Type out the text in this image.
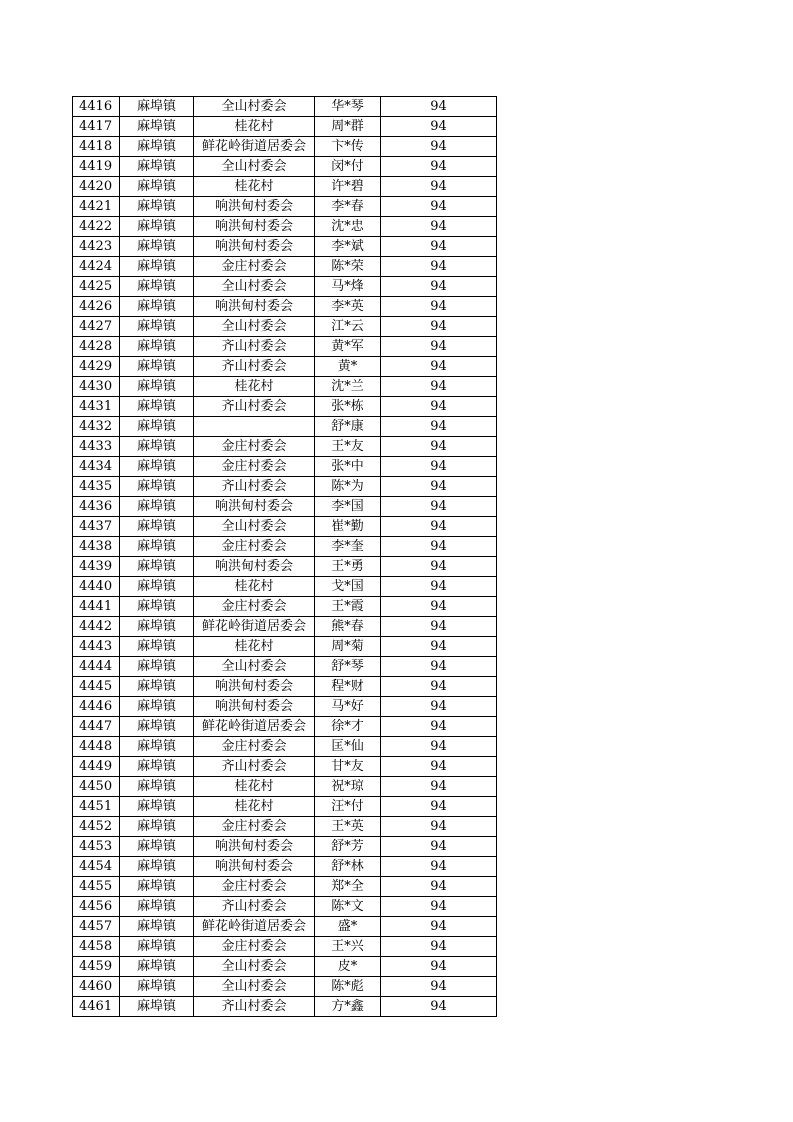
4416	麻埠镇	全山村委会	华*琴	94
4417	麻埠镇	桂花村	周*群	94
4418	麻埠镇	鲜花岭街道居委会	卞*传	94
4419	麻埠镇	全山村委会	闵*付	94
4420	麻埠镇	桂花村	许*碧	94
4421	麻埠镇	响洪甸村委会	李*春	94
4422	麻埠镇	响洪甸村委会	沈*忠	94
4423	麻埠镇	响洪甸村委会	李*斌	94
4424	麻埠镇	金庄村委会	陈*荣	94
4425	麻埠镇	全山村委会	马*烽	94
4426	麻埠镇	响洪甸村委会	李*英	94
4427	麻埠镇	全山村委会	江*云	94
4428	麻埠镇	齐山村委会	黄*军	94
4429	麻埠镇	齐山村委会	黄*	94
4430	麻埠镇	桂花村	沈*兰	94
4431	麻埠镇	齐山村委会	张*栋	94
4432	麻埠镇		舒*康	94
4433	麻埠镇	金庄村委会	王*友	94
4434	麻埠镇	金庄村委会	张*中	94
4435	麻埠镇	齐山村委会	陈*为	94
4436	麻埠镇	响洪甸村委会	李*国	94
4437	麻埠镇	全山村委会	崔*勤	94
4438	麻埠镇	金庄村委会	李*奎	94
4439	麻埠镇	响洪甸村委会	王*勇	94
4440	麻埠镇	桂花村	戈*国	94
4441	麻埠镇	金庄村委会	王*霞	94
4442	麻埠镇	鲜花岭街道居委会	熊*春	94
4443	麻埠镇	桂花村	周*菊	94
4444	麻埠镇	全山村委会	舒*琴	94
4445	麻埠镇	响洪甸村委会	程*财	94
4446	麻埠镇	响洪甸村委会	马*好	94
4447	麻埠镇	鲜花岭街道居委会	徐*才	94
4448	麻埠镇	金庄村委会	匡*仙	94
4449	麻埠镇	齐山村委会	甘*友	94
4450	麻埠镇	桂花村	祝*琼	94
4451	麻埠镇	桂花村	汪*付	94
4452	麻埠镇	金庄村委会	王*英	94
4453	麻埠镇	响洪甸村委会	舒*芳	94
4454	麻埠镇	响洪甸村委会	舒*林	94
4455	麻埠镇	金庄村委会	郑*全	94
4456	麻埠镇	齐山村委会	陈*文	94
4457	麻埠镇	鲜花岭街道居委会	盛*	94
4458	麻埠镇	金庄村委会	王*兴	94
4459	麻埠镇	全山村委会	皮*	94
4460	麻埠镇	全山村委会	陈*彪	94
4461	麻埠镇	齐山村委会	方*鑫	94
